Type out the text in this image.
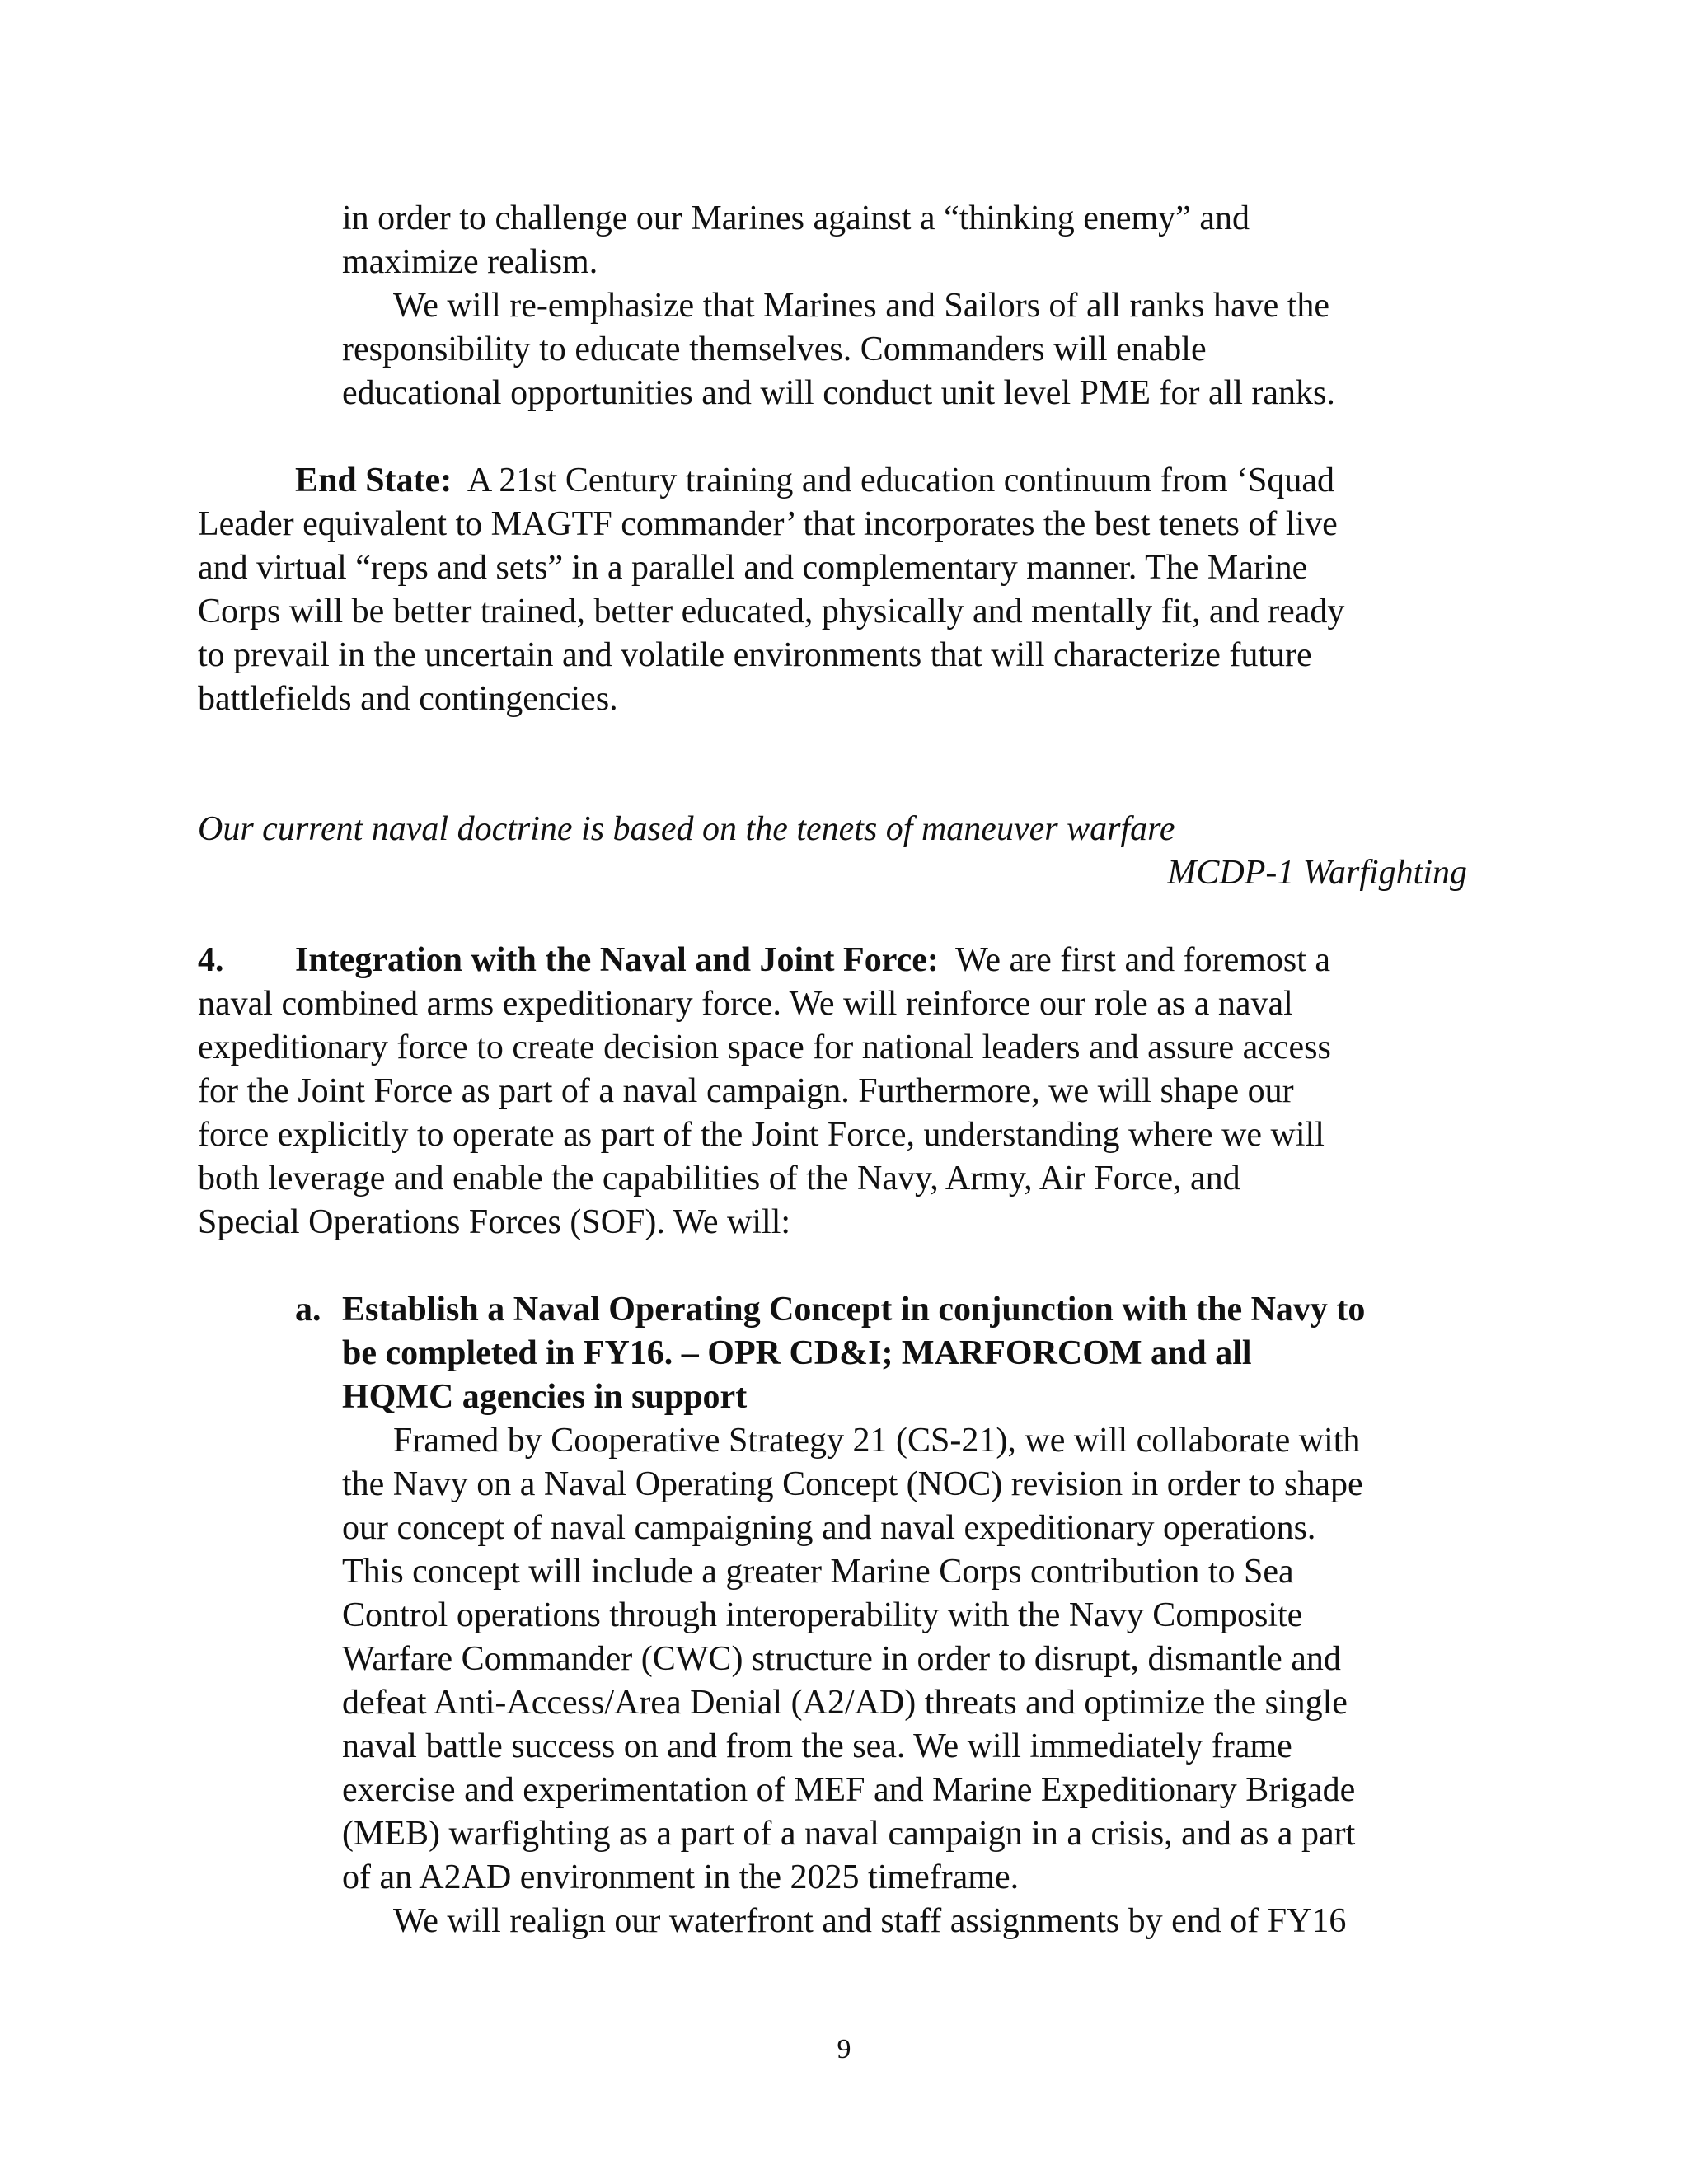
in order to challenge our Marines against a “thinking enemy” and
maximize realism.
We will re-emphasize that Marines and Sailors of all ranks have the
responsibility to educate themselves. Commanders will enable
educational opportunities and will conduct unit level PME for all ranks.
End State: A 21st Century training and education continuum from ‘Squad
Leader equivalent to MAGTF commander’ that incorporates the best tenets of live
and virtual “reps and sets” in a parallel and complementary manner. The Marine
Corps will be better trained, better educated, physically and mentally fit, and ready
to prevail in the uncertain and volatile environments that will characterize future
battlefields and contingencies.
Our current naval doctrine is based on the tenets of maneuver warfare
MCDP-1 Warfighting
4. Integration with the Naval and Joint Force: We are first and foremost a
naval combined arms expeditionary force. We will reinforce our role as a naval
expeditionary force to create decision space for national leaders and assure access
for the Joint Force as part of a naval campaign. Furthermore, we will shape our
force explicitly to operate as part of the Joint Force, understanding where we will
both leverage and enable the capabilities of the Navy, Army, Air Force, and
Special Operations Forces (SOF). We will:
a. Establish a Naval Operating Concept in conjunction with the Navy to
be completed in FY16. – OPR CD&I; MARFORCOM and all
HQMC agencies in support
Framed by Cooperative Strategy 21 (CS-21), we will collaborate with
the Navy on a Naval Operating Concept (NOC) revision in order to shape
our concept of naval campaigning and naval expeditionary operations.
This concept will include a greater Marine Corps contribution to Sea
Control operations through interoperability with the Navy Composite
Warfare Commander (CWC) structure in order to disrupt, dismantle and
defeat Anti-Access/Area Denial (A2/AD) threats and optimize the single
naval battle success on and from the sea. We will immediately frame
exercise and experimentation of MEF and Marine Expeditionary Brigade
(MEB) warfighting as a part of a naval campaign in a crisis, and as a part
of an A2AD environment in the 2025 timeframe.
We will realign our waterfront and staff assignments by end of FY16
9
